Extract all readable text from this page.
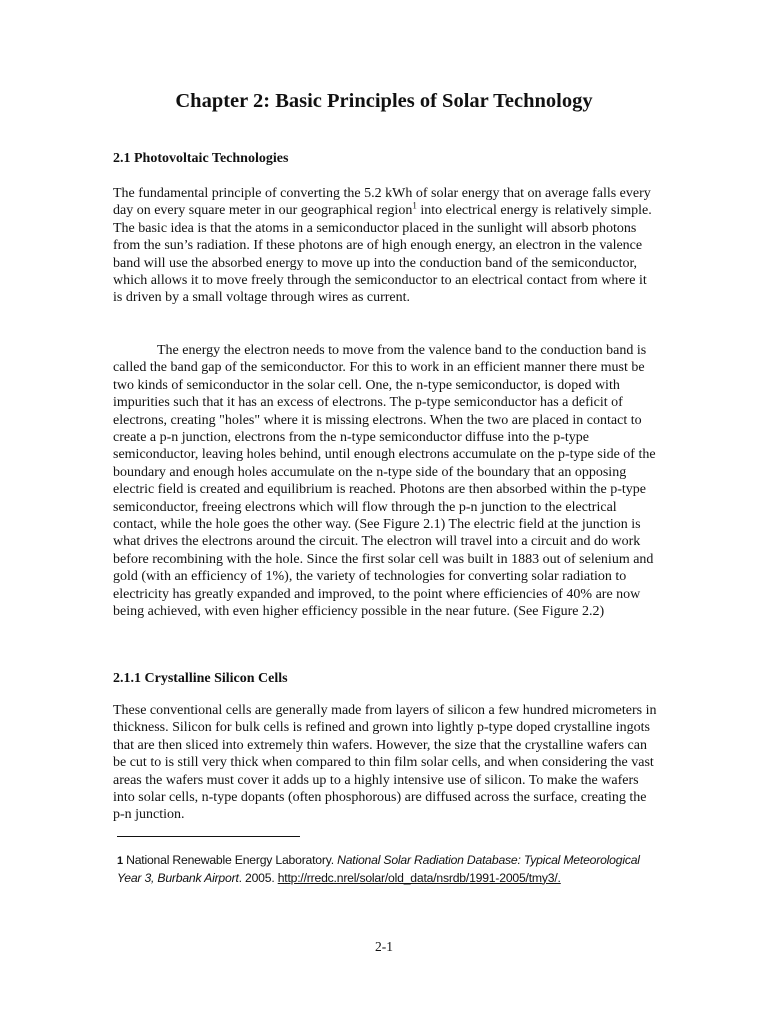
Chapter 2: Basic Principles of Solar Technology
2.1 Photovoltaic Technologies

The fundamental principle of converting the 5.2 kWh of solar energy that on average falls every day on every square meter in our geographical region$^1$ into electrical energy is relatively simple. The basic idea is that the atoms in a semiconductor placed in the sunlight will absorb photons from the sun’s radiation. If these photons are of high enough energy, an electron in the valence band will use the absorbed energy to move up into the conduction band of the semiconductor, which allows it to move freely through the semiconductor to an electrical contact from where it is driven by a small voltage through wires as current.

The energy the electron needs to move from the valence band to the conduction band is called the band gap of the semiconductor. For this to work in an efficient manner there must be two kinds of semiconductor in the solar cell. One, the n-type semiconductor, is doped with impurities such that it has an excess of electrons. The p-type semiconductor has a deficit of electrons, creating "holes" where it is missing electrons. When the two are placed in contact to create a p-n junction, electrons from the n-type semiconductor diffuse into the p-type semiconductor, leaving holes behind, until enough electrons accumulate on the p-type side of the boundary and enough holes accumulate on the n-type side of the boundary that an opposing electric field is created and equilibrium is reached. Photons are then absorbed within the p-type semiconductor, freeing electrons which will flow through the p-n junction to the electrical contact, while the hole goes the other way. (See Figure 2.1) The electric field at the junction is what drives the electrons around the circuit. The electron will travel into a circuit and do work before recombining with the hole. Since the first solar cell was built in 1883 out of selenium and gold (with an efficiency of 1%), the variety of technologies for converting solar radiation to electricity has greatly expanded and improved, to the point where efficiencies of 40% are now being achieved, with even higher efficiency possible in the near future. (See Figure 2.2)

2.1.1 Crystalline Silicon Cells

These conventional cells are generally made from layers of silicon a few hundred micrometers in thickness. Silicon for bulk cells is refined and grown into lightly p-type doped crystalline ingots that are then sliced into extremely thin wafers. However, the size that the crystalline wafers can be cut to is still very thick when compared to thin film solar cells, and when considering the vast areas the wafers must cover it adds up to a highly intensive use of silicon. To make the wafers into solar cells, n-type dopants (often phosphorous) are diffused across the surface, creating the p-n junction.

1 National Renewable Energy Laboratory. National Solar Radiation Database: Typical Meteorological Year 3, Burbank Airport. 2005. http://rredc.nrel/solar/old_data/nsrdb/1991-2005/tmy3/.

2-1
